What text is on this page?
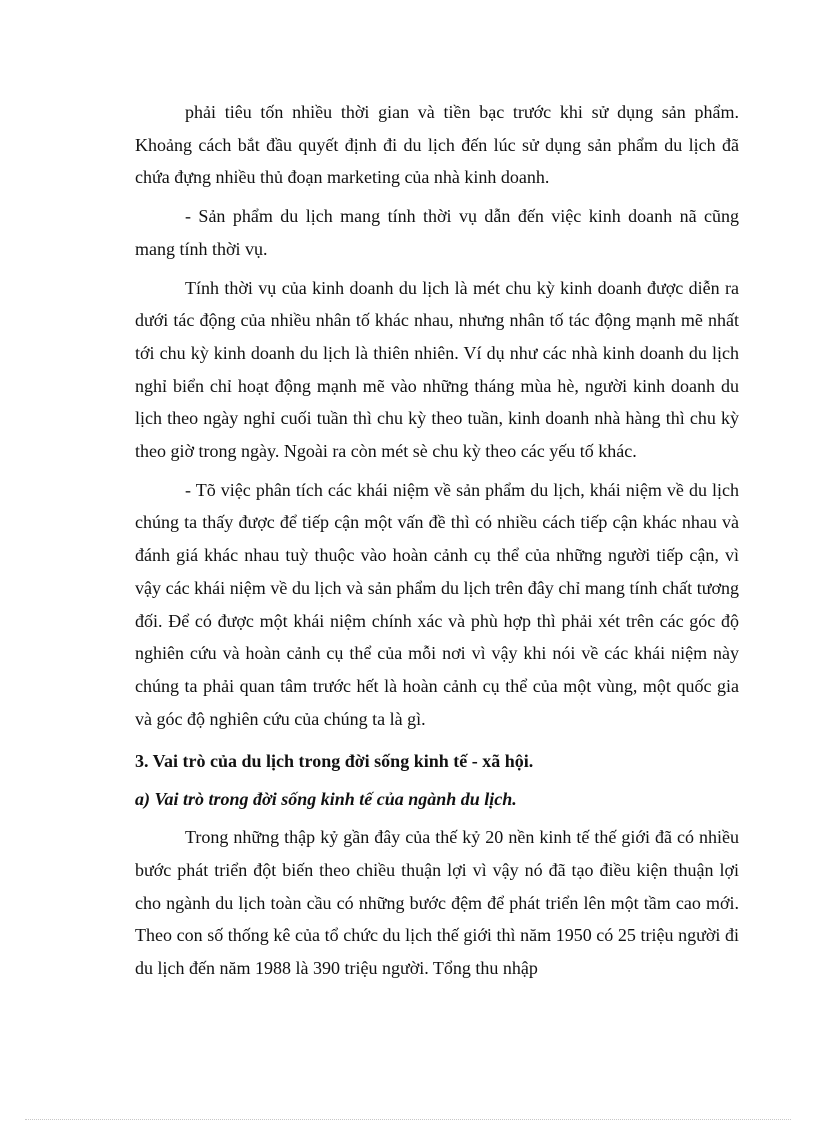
phải tiêu tốn nhiều thời gian và tiền bạc trước khi sử dụng sản phẩm. Khoảng cách bắt đầu quyết định đi du lịch đến lúc sử dụng sản phẩm du lịch đã chứa đựng nhiều thủ đoạn marketing của nhà kinh doanh.

- Sản phẩm du lịch mang tính thời vụ dẫn đến việc kinh doanh nã cũng mang tính thời vụ.

Tính thời vụ của kinh doanh du lịch là mét chu kỳ kinh doanh được diễn ra dưới tác động của nhiều nhân tố khác nhau, nhưng nhân tố tác động mạnh mẽ nhất tới chu kỳ kinh doanh du lịch là thiên nhiên. Ví dụ như các nhà kinh doanh du lịch nghỉ biển chỉ hoạt động mạnh mẽ vào những tháng mùa hè, người kinh doanh du lịch theo ngày nghỉ cuối tuần thì chu kỳ theo tuần, kinh doanh nhà hàng thì chu kỳ theo giờ trong ngày. Ngoài ra còn mét sè chu kỳ theo các yếu tố khác.

- Tõ việc phân tích các khái niệm về sản phẩm du lịch, khái niệm về du lịch chúng ta thấy được để tiếp cận một vấn đề thì có nhiều cách tiếp cận khác nhau và đánh giá khác nhau tuỳ thuộc vào hoàn cảnh cụ thể của những người tiếp cận, vì vậy các khái niệm về du lịch và sản phẩm du lịch trên đây chỉ mang tính chất tương đối. Để có được một khái niệm chính xác và phù hợp thì phải xét trên các góc độ nghiên cứu và hoàn cảnh cụ thể của mỗi nơi vì vậy khi nói về các khái niệm này chúng ta phải quan tâm trước hết là hoàn cảnh cụ thể của một vùng, một quốc gia và góc độ nghiên cứu của chúng ta là gì.

3. Vai trò của du lịch trong đời sống kinh tế - xã hội.
a) Vai trò trong đời sống kinh tế của ngành du lịch.

Trong những thập kỷ gần đây của thế kỷ 20 nền kinh tế thế giới đã có nhiều bước phát triển đột biến theo chiều thuận lợi vì vậy nó đã tạo điều kiện thuận lợi cho ngành du lịch toàn cầu có những bước đệm để phát triển lên một tầm cao mới. Theo con số thống kê của tổ chức du lịch thế giới thì năm 1950 có 25 triệu người đi du lịch đến năm 1988 là 390 triệu người. Tổng thu nhập
